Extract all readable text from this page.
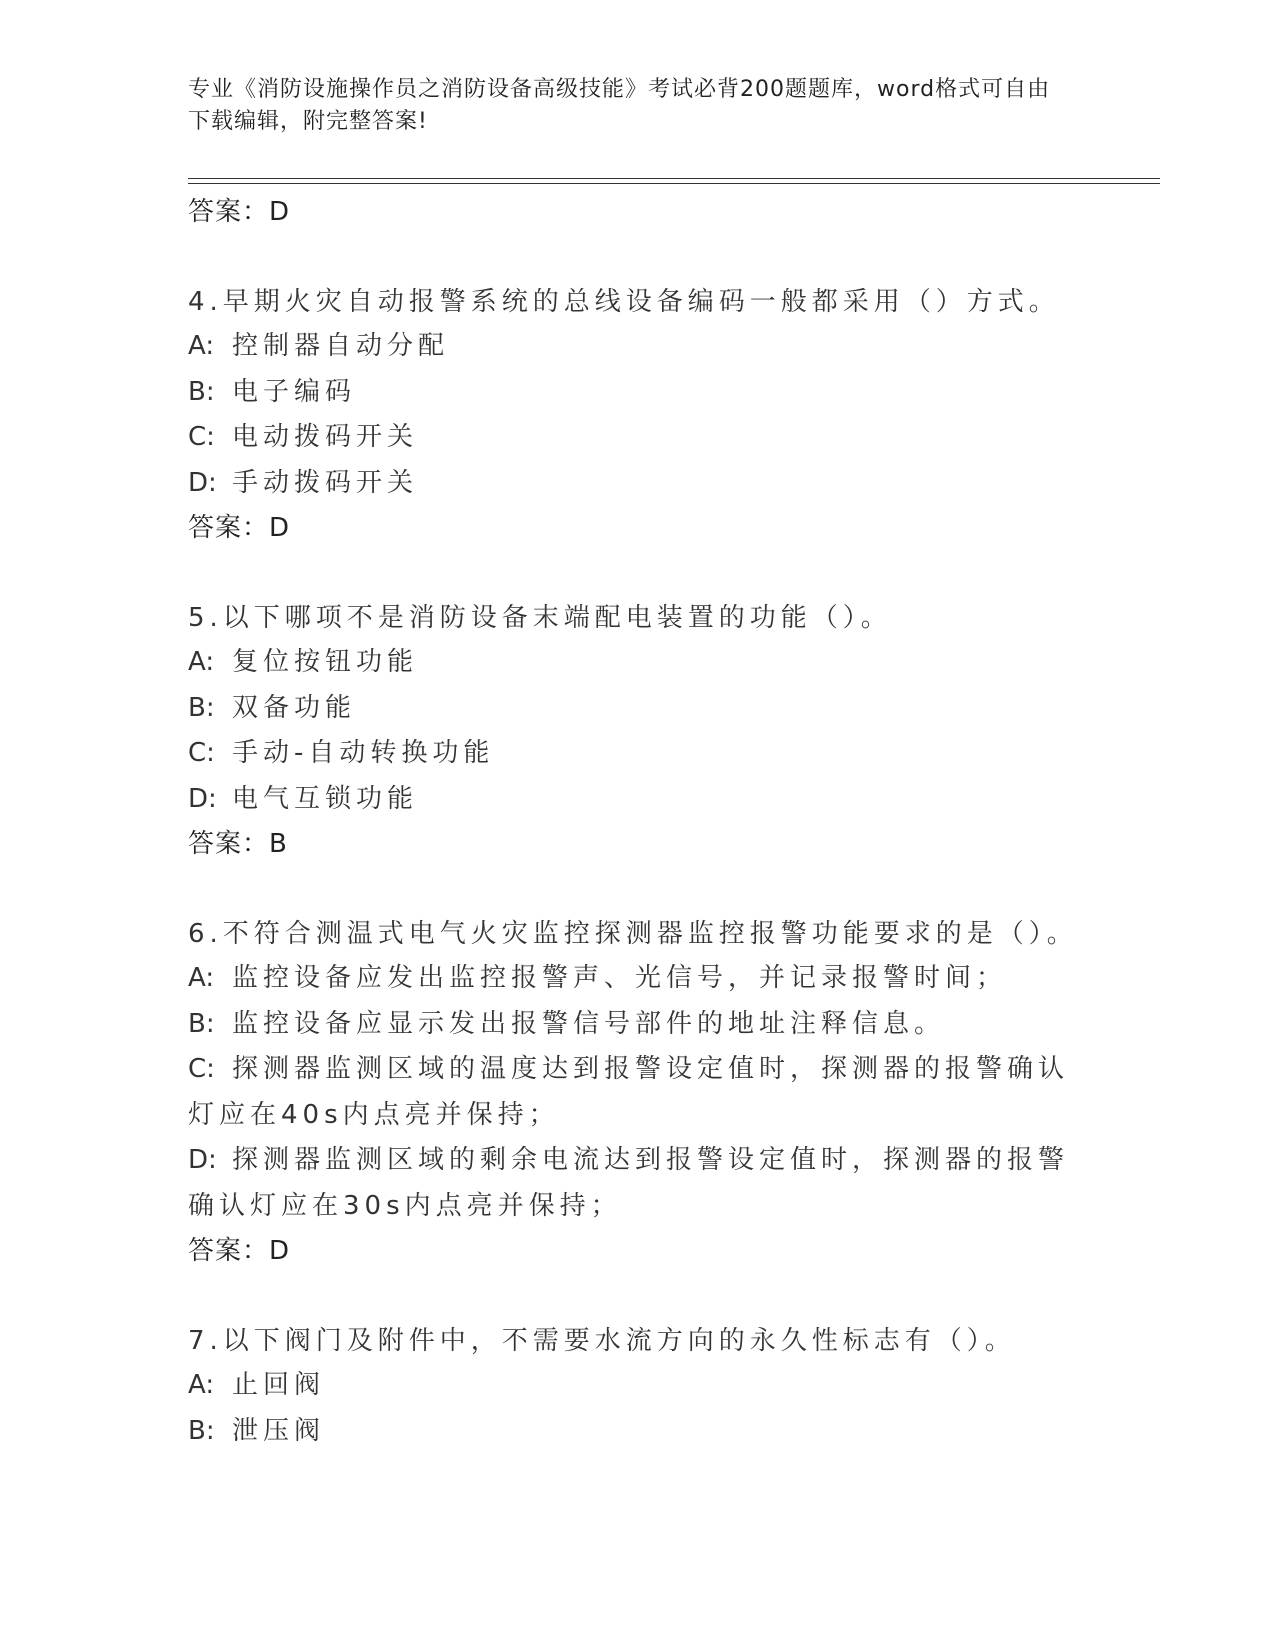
专业《消防设施操作员之消防设备高级技能》考试必背200题题库，word格式可自由下载编辑，附完整答案!
答案：D
4.早期火灾自动报警系统的总线设备编码一般都采用（）方式。
A: 控制器自动分配
B: 电子编码
C: 电动拨码开关
D: 手动拨码开关
答案：D
5.以下哪项不是消防设备末端配电装置的功能（）。
A: 复位按钮功能
B: 双备功能
C: 手动-自动转换功能
D: 电气互锁功能
答案：B
6.不符合测温式电气火灾监控探测器监控报警功能要求的是（）。
A: 监控设备应发出监控报警声、光信号，并记录报警时间；
B: 监控设备应显示发出报警信号部件的地址注释信息。
C: 探测器监测区域的温度达到报警设定值时，探测器的报警确认灯应在40s内点亮并保持；
D: 探测器监测区域的剩余电流达到报警设定值时，探测器的报警确认灯应在30s内点亮并保持；
答案：D
7.以下阀门及附件中，不需要水流方向的永久性标志有（）。
A: 止回阀
B: 泄压阀
